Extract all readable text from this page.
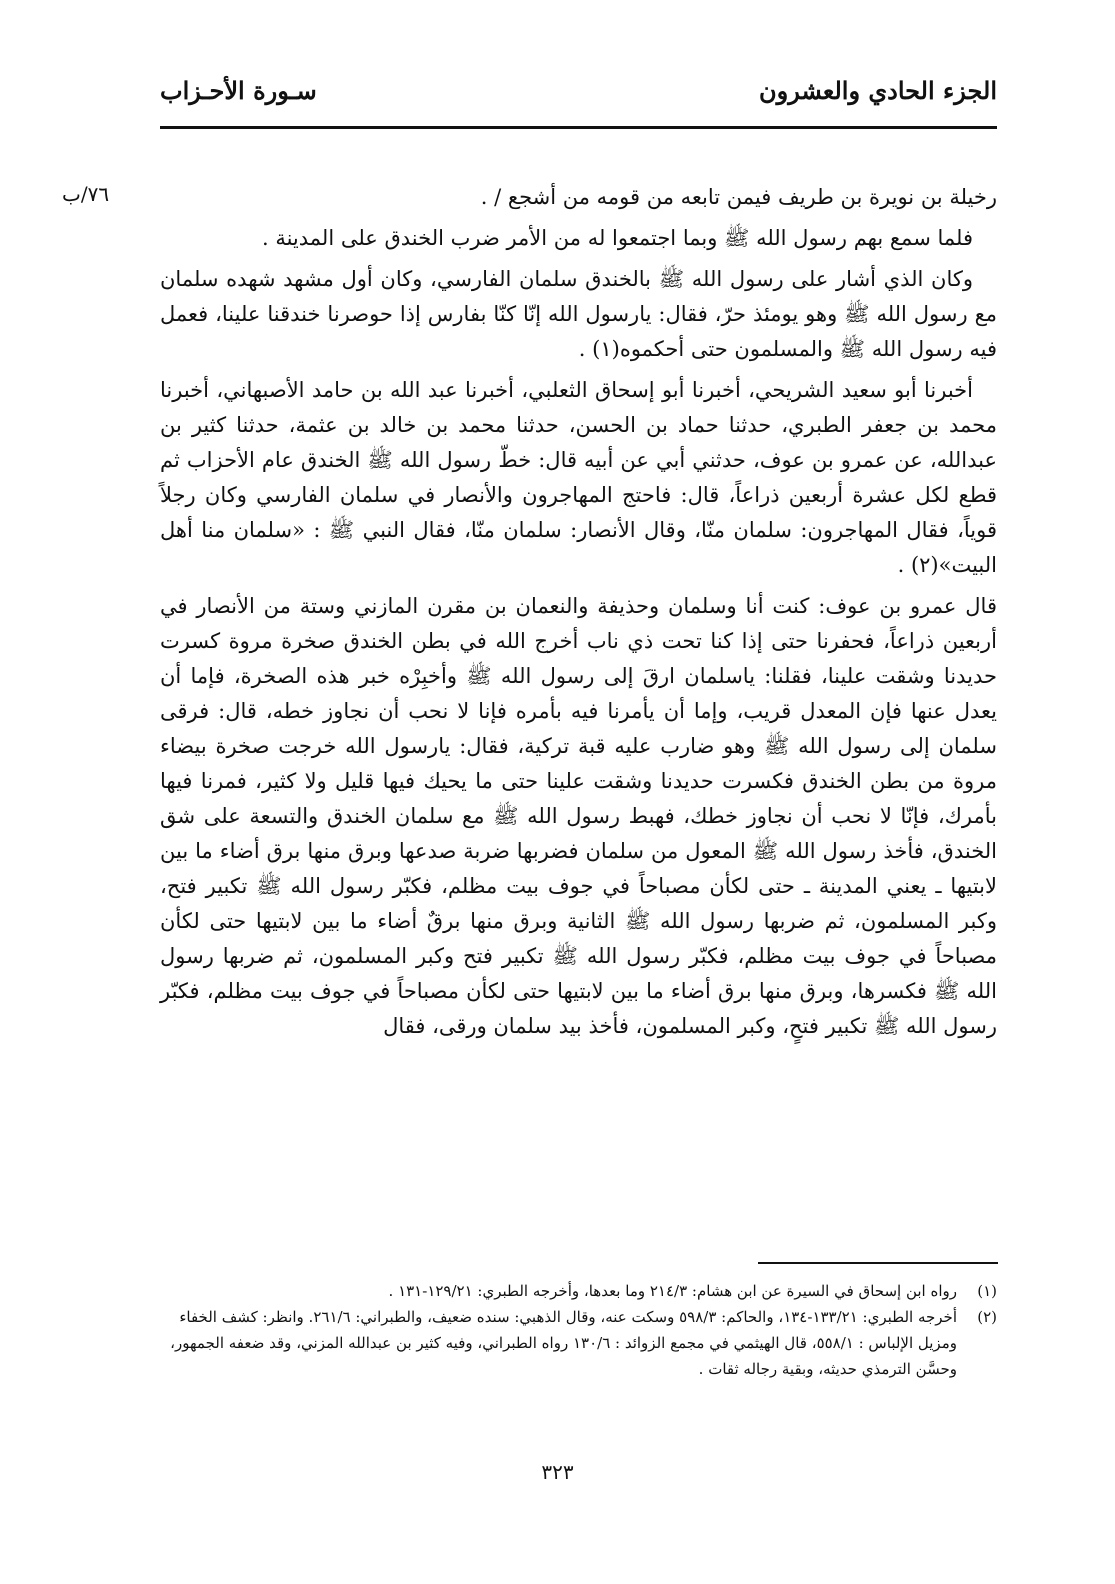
الجزء الحادي والعشرون
سـورة الأحـزاب
٧٦/ب	رخيلة بن نويرة بن طريف فيمن تابعه من قومه من أشجع / .

فلما سمع بهم رسول الله ﷺ وبما اجتمعوا له من الأمر ضرب الخندق على المدينة .

وكان الذي أشار على رسول الله ﷺ بالخندق سلمان الفارسي، وكان أول مشهد شهده سلمان مع رسول الله ﷺ وهو يومئذ حرّ، فقال: يارسول الله إنّا كنّا بفارس إذا حوصرنا خندقنا علينا، فعمل فيه رسول الله ﷺ والمسلمون حتى أحكموه(١) .

أخبرنا أبو سعيد الشريحي، أخبرنا أبو إسحاق الثعلبي، أخبرنا عبد الله بن حامد الأصبهاني، أخبرنا محمد بن جعفر الطبري، حدثنا حماد بن الحسن، حدثنا محمد بن خالد بن عثمة، حدثنا كثير بن عبدالله، عن عمرو بن عوف، حدثني أبي عن أبيه قال: خطّ رسول الله ﷺ الخندق عام الأحزاب ثم قطع لكل عشرة أربعين ذراعاً، قال: فاحتج المهاجرون والأنصار في سلمان الفارسي وكان رجلاً قوياً، فقال المهاجرون: سلمان منّا، وقال الأنصار: سلمان منّا، فقال النبي ﷺ : «سلمان منا أهل البيت»(٢) .

قال عمرو بن عوف: كنت أنا وسلمان وحذيفة والنعمان بن مقرن المازني وستة من الأنصار في أربعين ذراعاً، فحفرنا حتى إذا كنا تحت ذي ناب أخرج الله في بطن الخندق صخرة مروة كسرت حديدنا وشقت علينا، فقلنا: ياسلمان ارقَ إلى رسول الله ﷺ وأخبِرْه خبر هذه الصخرة، فإما أن يعدل عنها فإن المعدل قريب، وإما أن يأمرنا فيه بأمره فإنا لا نحب أن نجاوز خطه، قال: فرقى سلمان إلى رسول الله ﷺ وهو ضارب عليه قبة تركية، فقال: يارسول الله خرجت صخرة بيضاء مروة من بطن الخندق فكسرت حديدنا وشقت علينا حتى ما يحيك فيها قليل ولا كثير، فمرنا فيها بأمرك، فإنّا لا نحب أن نجاوز خطك، فهبط رسول الله ﷺ مع سلمان الخندق والتسعة على شق الخندق، فأخذ رسول الله ﷺ المعول من سلمان فضربها ضربة صدعها وبرق منها برق أضاء ما بين لابتيها ـ يعني المدينة ـ حتى لكأن مصباحاً في جوف بيت مظلم، فكبّر رسول الله ﷺ تكبير فتح، وكبر المسلمون، ثم ضربها رسول الله ﷺ الثانية وبرق منها برقٌ أضاء ما بين لابتيها حتى لكأن مصباحاً في جوف بيت مظلم، فكبّر رسول الله ﷺ تكبير فتح وكبر المسلمون، ثم ضربها رسول الله ﷺ فكسرها، وبرق منها برق أضاء ما بين لابتيها حتى لكأن مصباحاً في جوف بيت مظلم، فكبّر رسول الله ﷺ تكبير فتحٍ، وكبر المسلمون، فأخذ بيد سلمان ورقى، فقال

(١)
رواه ابن إسحاق في السيرة عن ابن هشام: ٢١٤/٣ وما بعدها، وأخرجه الطبري: ١٢٩/٢١-١٣١ .
(٢)
أخرجه الطبري: ١٣٣/٢١-١٣٤، والحاكم: ٥٩٨/٣ وسكت عنه، وقال الذهبي: سنده ضعيف، والطبراني: ٢٦١/٦. وانظر: كشف الخفاء ومزيل الإلباس : ٥٥٨/١، قال الهيثمي في مجمع الزوائد : ١٣٠/٦ رواه الطبراني، وفيه كثير بن عبدالله المزني، وقد ضعفه الجمهور، وحسَّن الترمذي حديثه، وبقية رجاله ثقات .
٣٢٣
